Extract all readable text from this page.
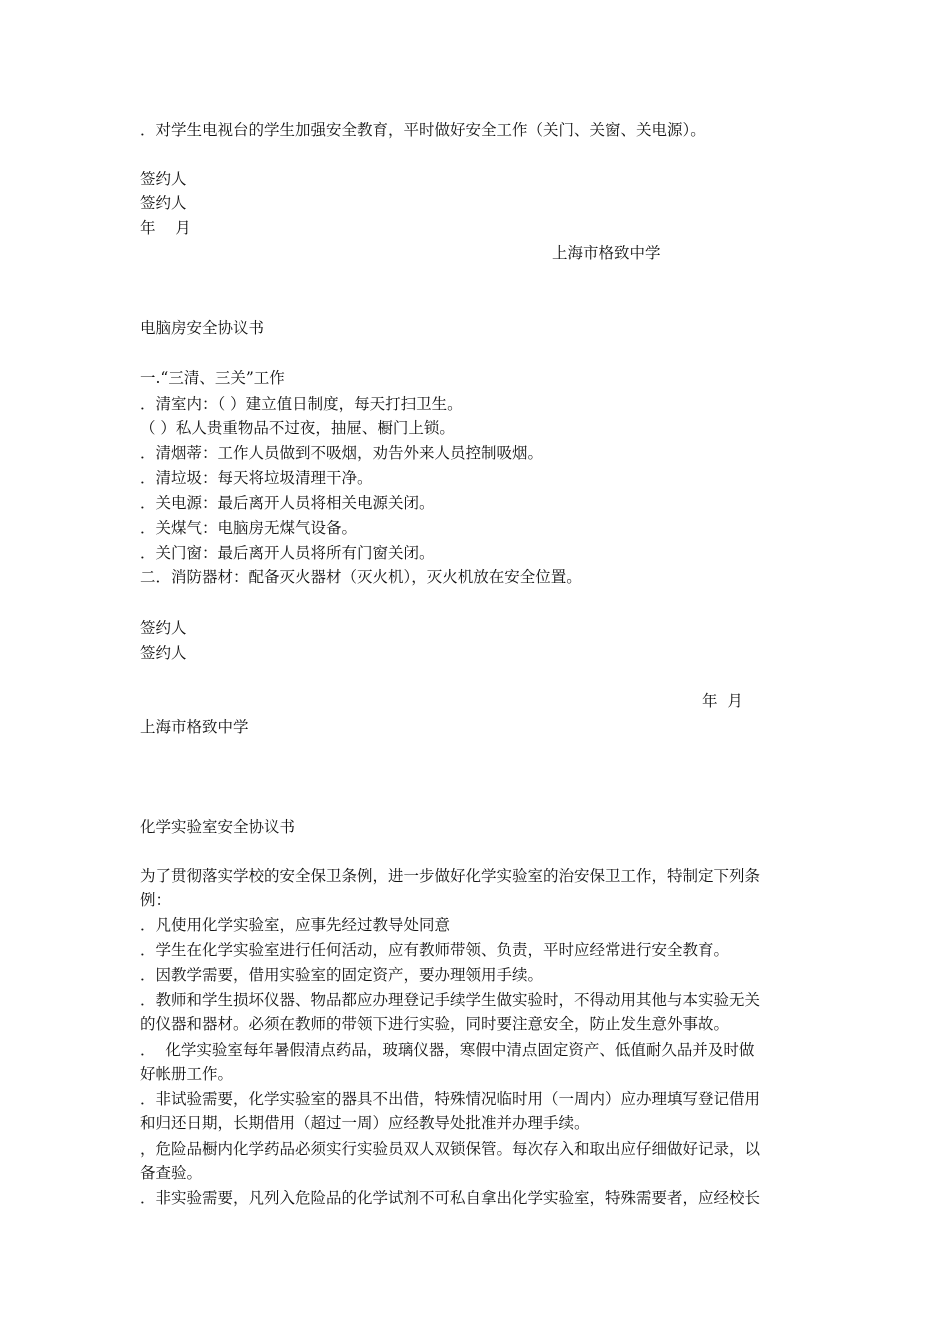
．对学生电视台的学生加强安全教育，平时做好安全工作（关门、关窗、关电源）。
签约人
签约人
年    月
上海市格致中学
电脑房安全协议书
一.“三清、三关”工作
．清室内：（ ）建立值日制度，每天打扫卫生。
（ ）私人贵重物品不过夜，抽屉、橱门上锁。
．清烟蒂：工作人员做到不吸烟，劝告外来人员控制吸烟。
．清垃圾：每天将垃圾清理干净。
．关电源：最后离开人员将相关电源关闭。
．关煤气：电脑房无煤气设备。
．关门窗：最后离开人员将所有门窗关闭。
二．消防器材：配备灭火器材（灭火机），灭火机放在安全位置。
签约人
签约人
年  月
上海市格致中学
化学实验室安全协议书
为了贯彻落实学校的安全保卫条例，进一步做好化学实验室的治安保卫工作，特制定下列条
例：
．凡使用化学实验室，应事先经过教导处同意
．学生在化学实验室进行任何活动，应有教师带领、负责，平时应经常进行安全教育。
．因教学需要，借用实验室的固定资产，要办理领用手续。
．教师和学生损坏仪器、物品都应办理登记手续学生做实验时，不得动用其他与本实验无关
的仪器和器材。必须在教师的带领下进行实验，同时要注意安全，防止发生意外事故。
．  化学实验室每年暑假清点药品，玻璃仪器，寒假中清点固定资产、低值耐久品并及时做
好帐册工作。
．非试验需要，化学实验室的器具不出借，特殊情况临时用（一周内）应办理填写登记借用
和归还日期，长期借用（超过一周）应经教导处批准并办理手续。
，危险品橱内化学药品必须实行实验员双人双锁保管。每次存入和取出应仔细做好记录，以
备查验。
．非实验需要，凡列入危险品的化学试剂不可私自拿出化学实验室，特殊需要者，应经校长
